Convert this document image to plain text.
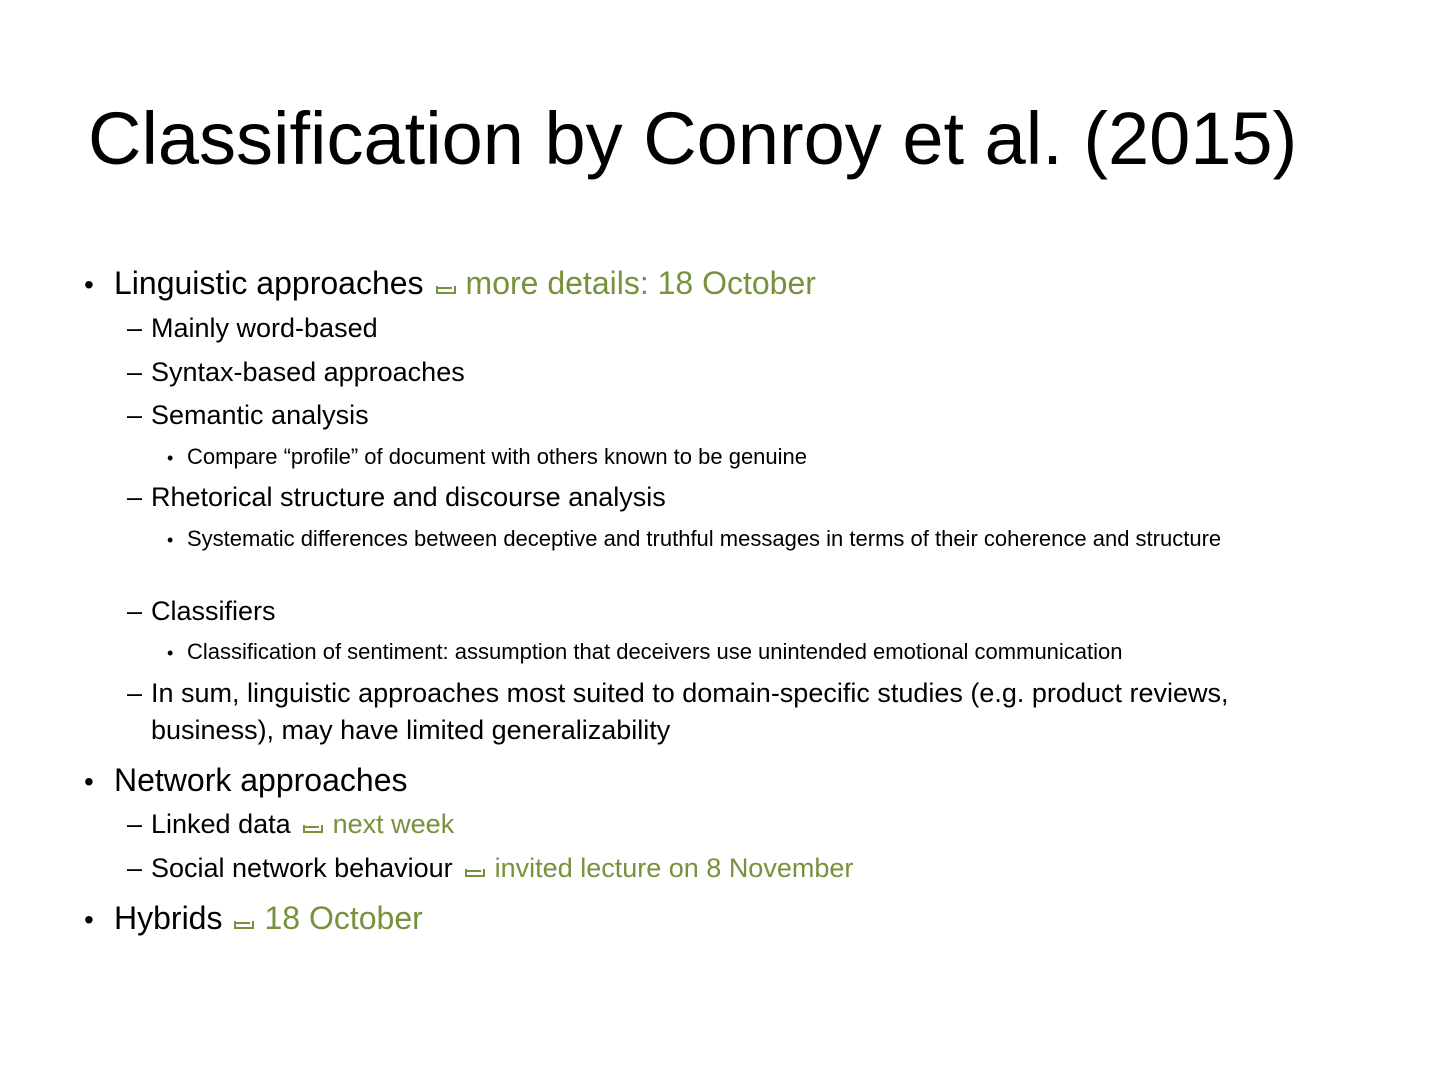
Classification by Conroy et al. (2015)
• Linguistic approaches more details: 18 October
– Mainly word-based
– Syntax-based approaches
– Semantic analysis
• Compare “profile” of document with others known to be genuine
– Rhetorical structure and discourse analysis
• Systematic differences between deceptive and truthful messages in terms of their coherence and structure
– Classifiers
• Classification of sentiment: assumption that deceivers use unintended emotional communication
– In sum, linguistic approaches most suited to domain-specific studies (e.g. product reviews, business), may have limited generalizability
• Network approaches
– Linked data next week
– Social network behaviour invited lecture on 8 November
• Hybrids 18 October
